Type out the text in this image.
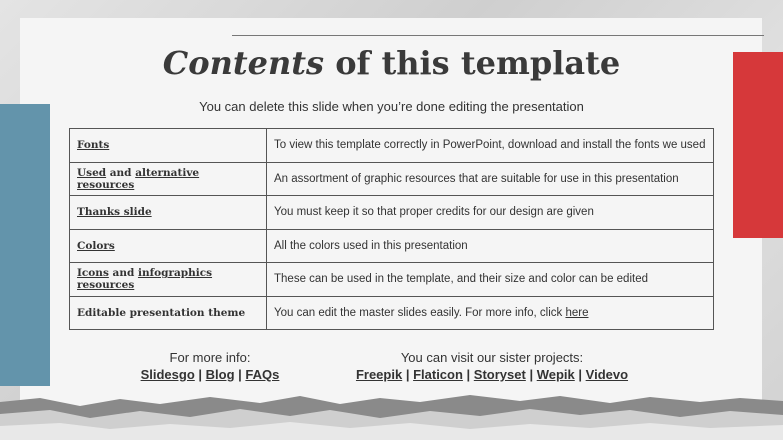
Contents of this template
You can delete this slide when you’re done editing the presentation
Fonts	To view this template correctly in PowerPoint, download and install the fonts we used
Used and alternative resources	An assortment of graphic resources that are suitable for use in this presentation
Thanks slide	You must keep it so that proper credits for our design are given
Colors	All the colors used in this presentation
Icons and infographics resources	These can be used in the template, and their size and color can be edited
Editable presentation theme	You can edit the master slides easily. For more info, click here
For more info:
Slidesgo | Blog | FAQs
You can visit our sister projects:
Freepik | Flaticon | Storyset | Wepik | Videvo
